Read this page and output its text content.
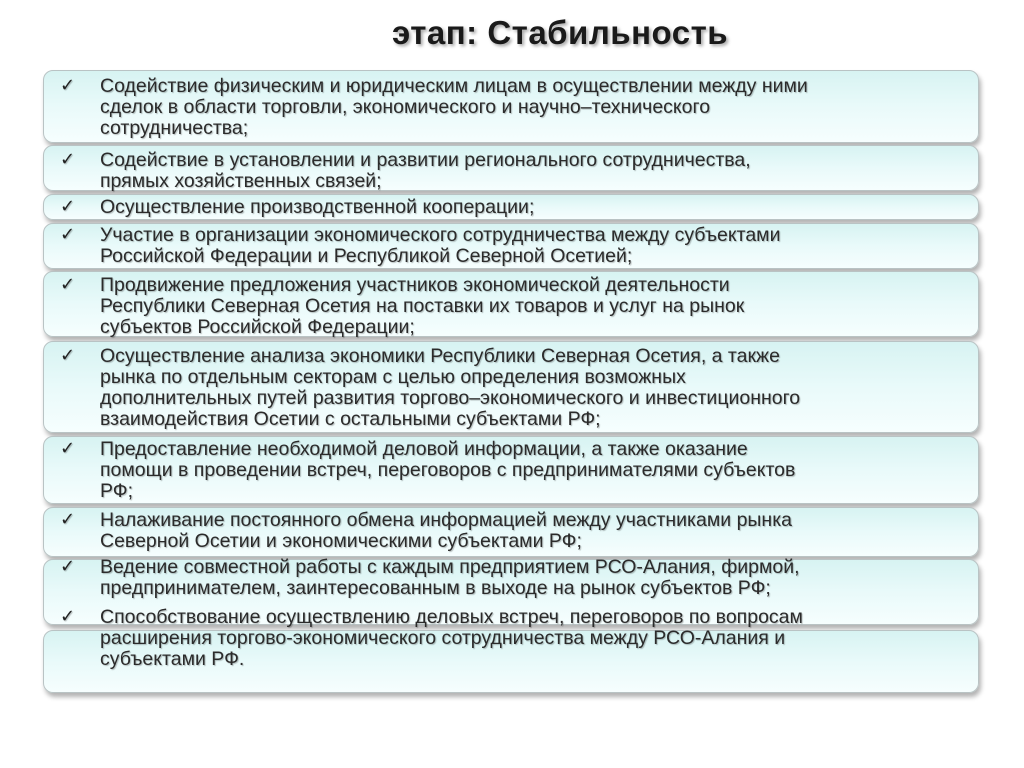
этап: Стабильность
✓ Содействие физическим и юридическим лицам в осуществлении между ними
сделок в области торговли, экономического и научно–технического
сотрудничества;
✓ Содействие в установлении и развитии регионального сотрудничества,
прямых хозяйственных связей;
✓ Осуществление производственной кооперации;
✓ Участие в организации экономического сотрудничества между субъектами
Российской Федерации и Республикой Северной Осетией;
✓ Продвижение предложения участников экономической деятельности
Республики Северная Осетия на поставки их товаров и услуг на рынок
субъектов Российской Федерации;
✓ Осуществление анализа экономики Республики Северная Осетия, а также
рынка по отдельным секторам с целью определения возможных
дополнительных путей развития торгово–экономического и инвестиционного
взаимодействия Осетии с остальными субъектами РФ;
✓ Предоставление необходимой деловой информации, а также оказание
помощи в проведении встреч, переговоров с предпринимателями субъектов
РФ;
✓ Налаживание постоянного обмена информацией между участниками рынка
Северной Осетии и экономическими субъектами РФ;
✓ Ведение совместной работы с каждым предприятием РСО-Алания, фирмой,
предпринимателем, заинтересованным в выходе на рынок субъектов РФ;
✓ Способствование осуществлению деловых встреч, переговоров по вопросам
расширения торгово-экономического сотрудничества между РСО-Алания и
субъектами РФ.
